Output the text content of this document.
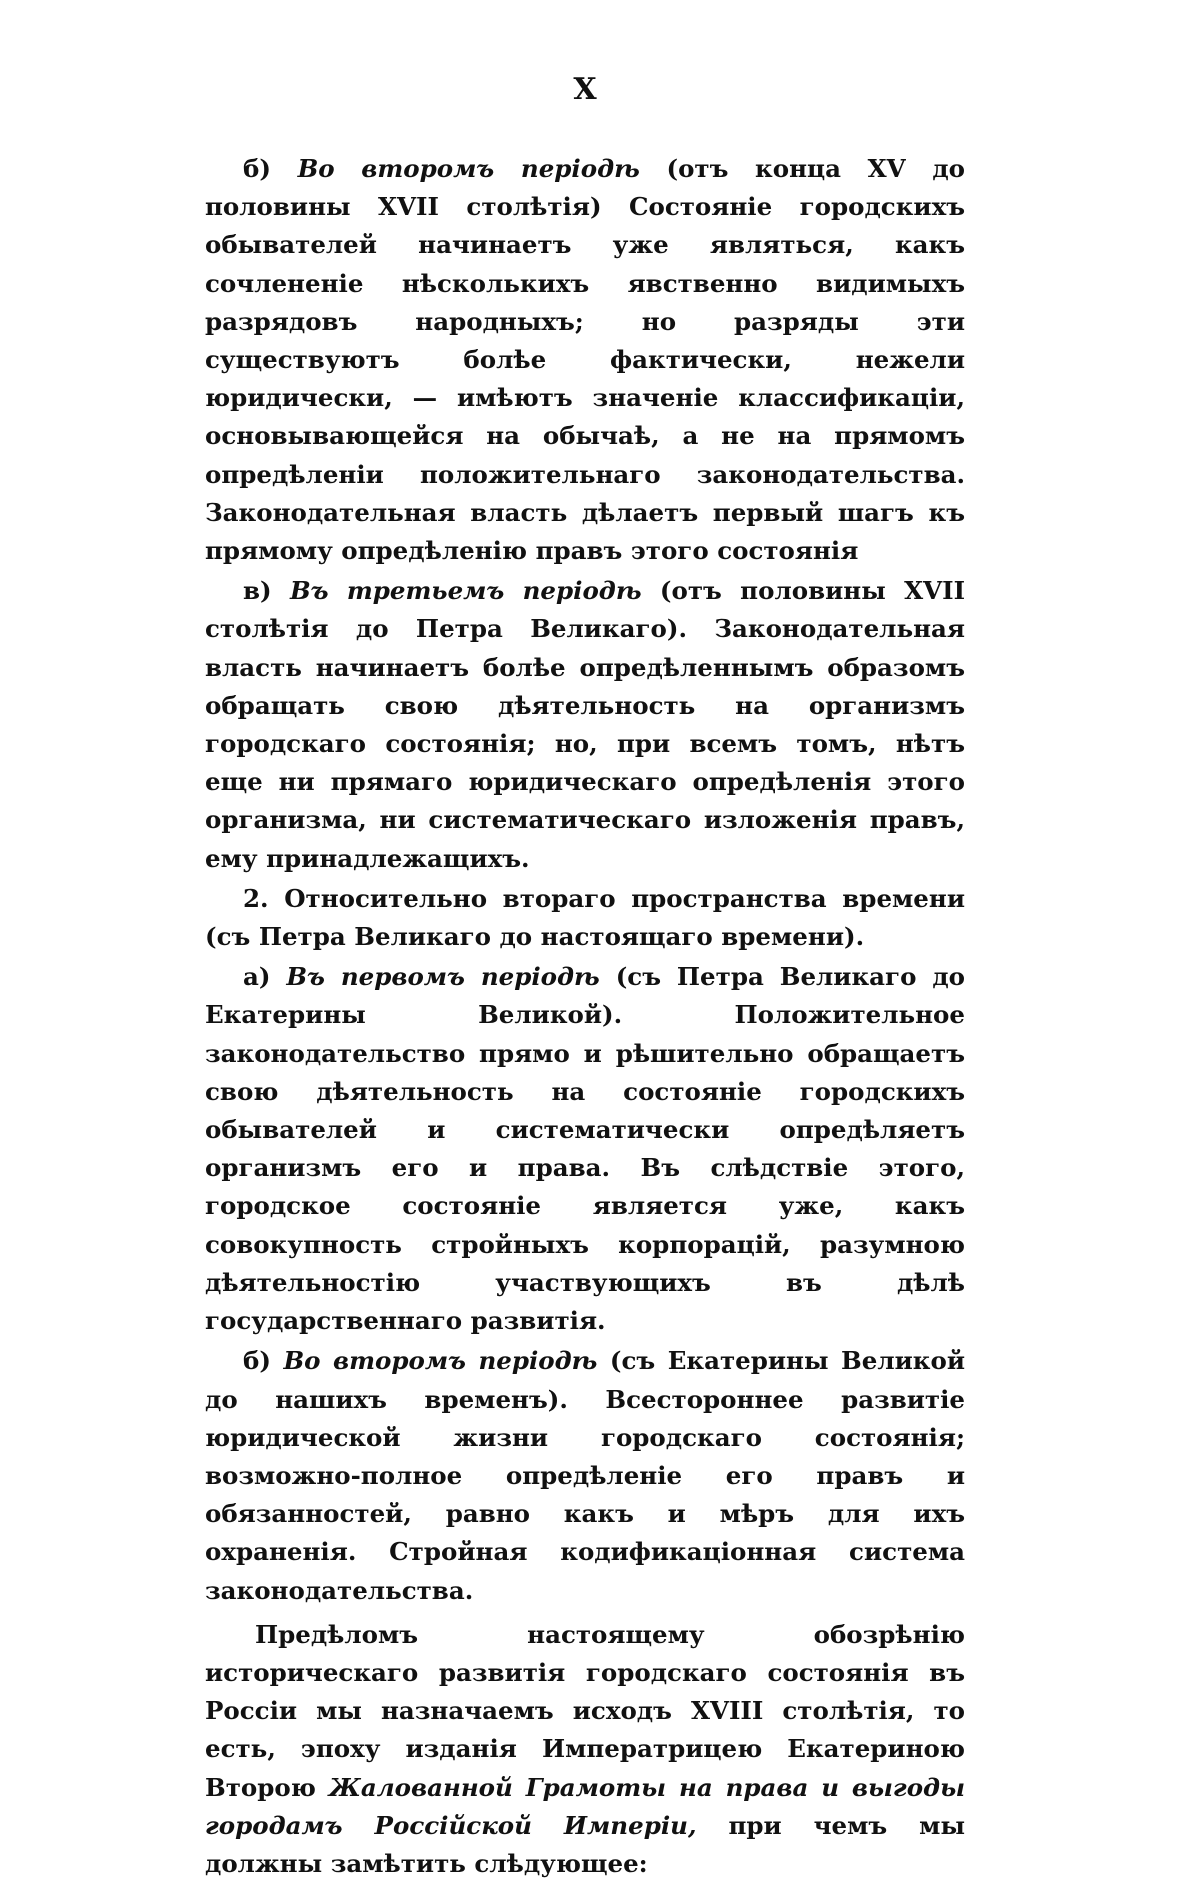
X

б) Во второмъ періодѣ (отъ конца XV до половины XVII столѣтія) Состояніе городскихъ обывателей начинаетъ уже являться, какъ сочлененіе нѣсколькихъ явственно видимыхъ разрядовъ народныхъ; но разряды эти существуютъ болѣе фактически, нежели юридически, — имѣютъ значеніе классификаціи, основывающейся на обычаѣ, а не на прямомъ опредѣленіи положительнаго законодательства. Законодательная власть дѣлаетъ первый шагъ къ прямому опредѣленію правъ этого состоянія

в) Въ третьемъ періодѣ (отъ половины XVII столѣтія до Петра Великаго). Законодательная власть начинаетъ болѣе опредѣленнымъ образомъ обращать свою дѣятельность на организмъ городскаго состоянія; но, при всемъ томъ, нѣтъ еще ни прямаго юридическаго опредѣленія этого организма, ни систематическаго изложенія правъ, ему принадлежащихъ.

2. Относительно втораго пространства времени (съ Петра Великаго до настоящаго времени).

а) Въ первомъ періодѣ (съ Петра Великаго до Екатерины Великой). Положительное законодательство прямо и рѣшительно обращаетъ свою дѣятельность на состояніе городскихъ обывателей и систематически опредѣляетъ организмъ его и права. Въ слѣдствіе этого, городское состояніе является уже, какъ совокупность стройныхъ корпорацій, разумною дѣятельностію участвующихъ въ дѣлѣ государственнаго развитія.

б) Во второмъ періодѣ (съ Екатерины Великой до нашихъ временъ). Всестороннее развитіе юридической жизни городскаго состоянія; возможно-полное опредѣленіе его правъ и обязанностей, равно какъ и мѣръ для ихъ охраненія. Стройная кодификаціонная система законодательства.

Предѣломъ настоящему обозрѣнію историческаго развитія городскаго состоянія въ Россіи мы назначаемъ исходъ XVIII столѣтія, то есть, эпоху изданія Императрицею Екатериною Второю Жалованной Грамоты на права и выгоды городамъ Россійской Имперіи, при чемъ мы должны замѣтить слѣдующее:
